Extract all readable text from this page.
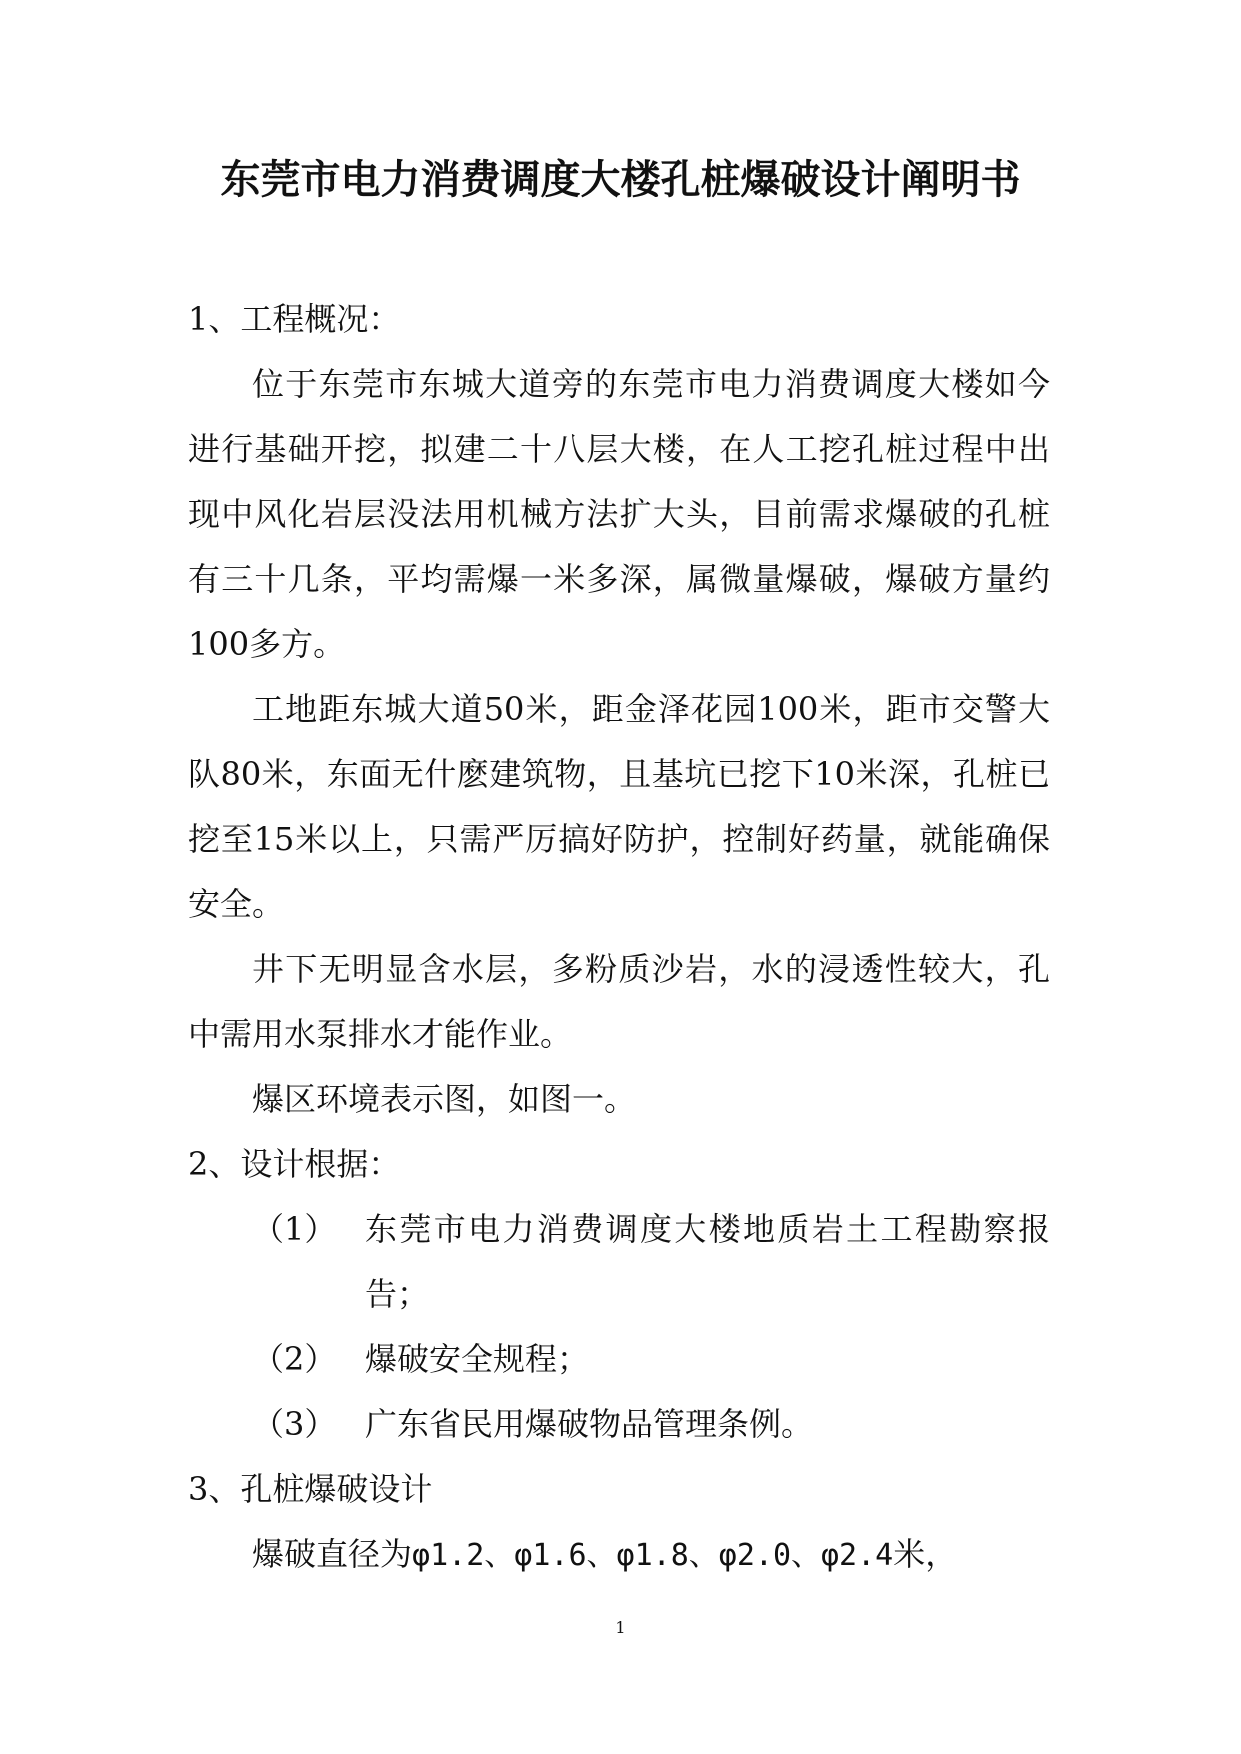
东莞市电力消费调度大楼孔桩爆破设计阐明书

1、工程概况：

位于东莞市东城大道旁的东莞市电力消费调度大楼如今进行基础开挖，拟建二十八层大楼，在人工挖孔桩过程中出现中风化岩层没法用机械方法扩大头，目前需求爆破的孔桩有三十几条，平均需爆一米多深，属微量爆破，爆破方量约100多方。

工地距东城大道50米，距金泽花园100米，距市交警大队80米，东面无什麽建筑物，且基坑已挖下10米深，孔桩已挖至15米以上，只需严厉搞好防护，控制好药量，就能确保安全。

井下无明显含水层，多粉质沙岩，水的浸透性较大，孔中需用水泵排水才能作业。

爆区环境表示图，如图一。

2、设计根据：

（1） 东莞市电力消费调度大楼地质岩土工程勘察报告；
（2） 爆破安全规程；
（3） 广东省民用爆破物品管理条例。

3、孔桩爆破设计

爆破直径为φ1.2、φ1.6、φ1.8、φ2.0、φ2.4米，

1
